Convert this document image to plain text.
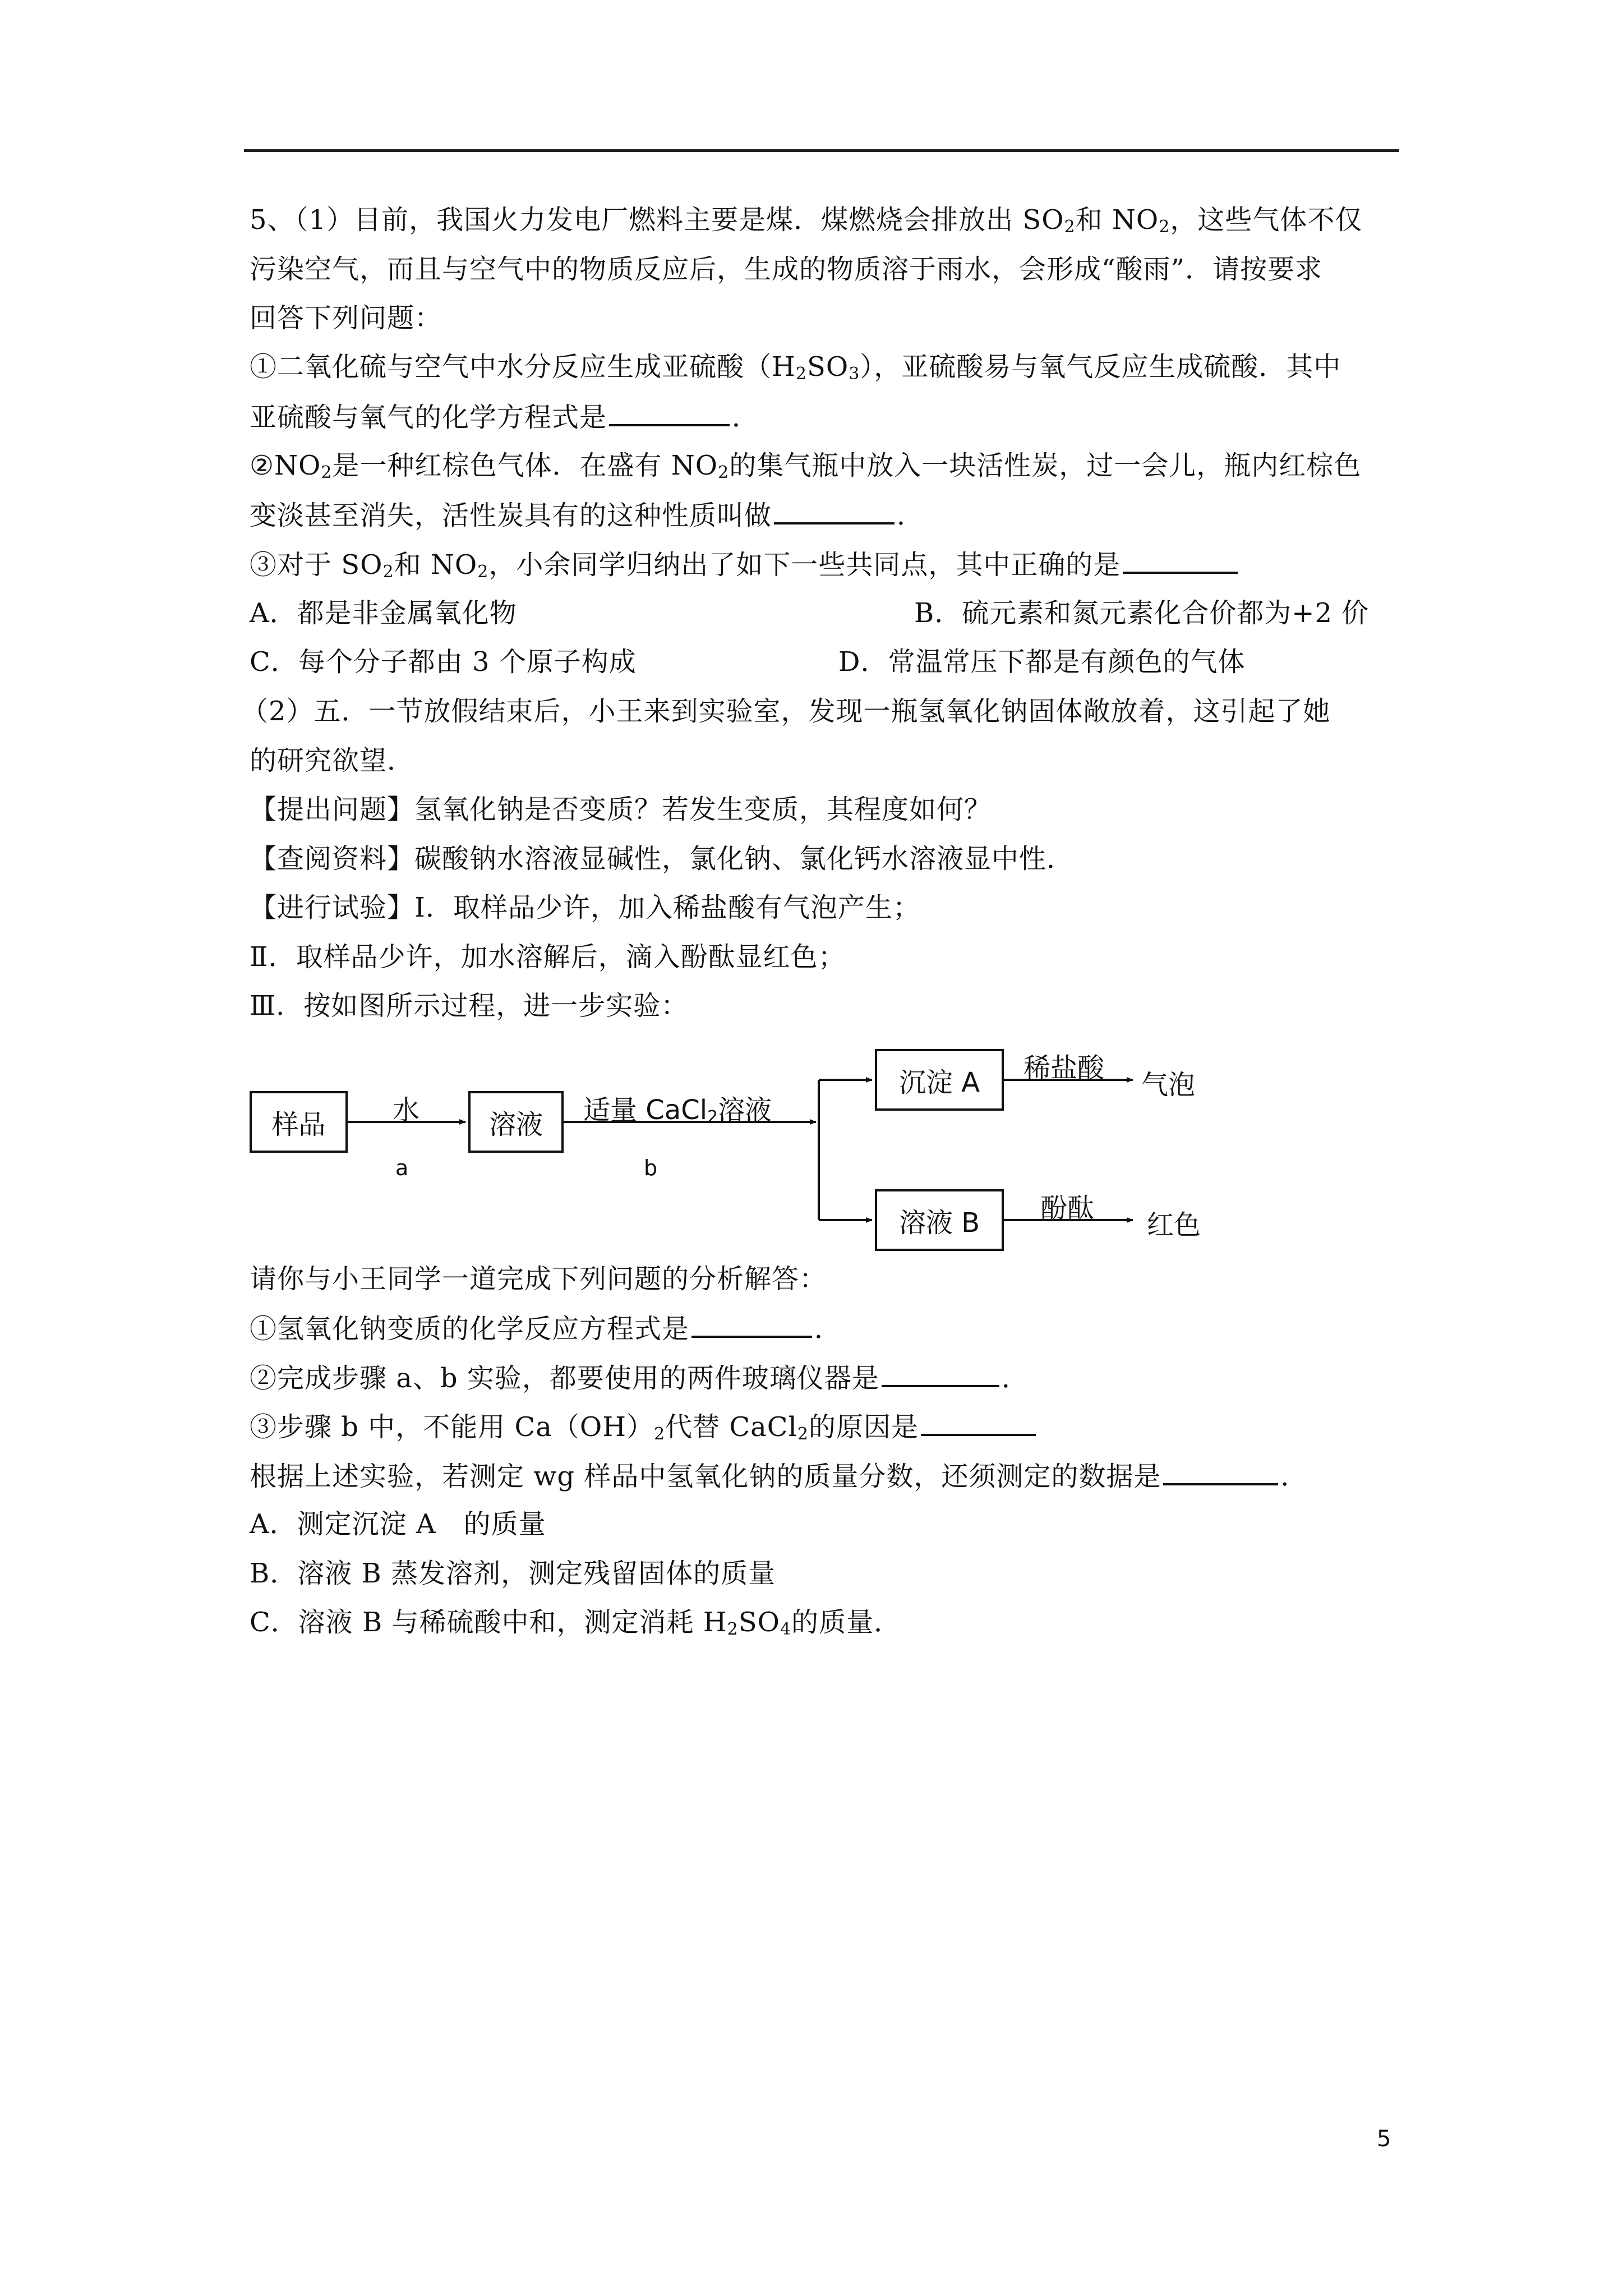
5、（1）目前，我国火力发电厂燃料主要是煤．煤燃烧会排放出 $SO_2$和 $NO_2$，这些气体不仅
污染空气，而且与空气中的物质反应后，生成的物质溶于雨水，会形成“酸雨”．请按要求
回答下列问题：
①二氧化硫与空气中水分反应生成亚硫酸$(H_2SO_3)$，亚硫酸易与氧气反应生成硫酸．其中
亚硫酸与氧气的化学方程式是	．
$②NO_2$是一种红棕色气体．在盛有 $NO_2$的集气瓶中放入一块活性炭，过一会儿，瓶内红棕色
变淡甚至消失，活性炭具有的这种性质叫做	．
③对于 $SO_2$和 $NO_2$，小余同学归纳出了如下一些共同点，其中正确的是
A．都是非金属氧化物	B．硫元素和氮元素化合价都为+2 价
C．每个分子都由 3 个原子构成	D．常温常压下都是有颜色的气体
（2）五．一节放假结束后，小王来到实验室，发现一瓶氢氧化钠固体敞放着，这引起了她
的研究欲望．
【提出问题】氢氧化钠是否变质？若发生变质，其程度如何？
【查阅资料】碳酸钠水溶液显碱性，氯化钠、氯化钙水溶液显中性．
【进行试验】Ⅰ．取样品少许，加入稀盐酸有气泡产生；
Ⅱ．取样品少许，加水溶解后，滴入酚酞显红色；
Ⅲ．按如图所示过程，进一步实验：
样品	水
a
溶液	适量 CaCl$_2$溶液
b
沉淀 A	稀盐酸
气泡
溶液 B	酚酞
红色
请你与小王同学一道完成下列问题的分析解答：
①氢氧化钠变质的化学反应方程式是	．
②完成步骤 a、b 实验，都要使用的两件玻璃仪器是	．
③步骤 b 中，不能用 $Ca(OH)_2$代替 CaCl$_2$的原因是
根据上述实验，若测定 wg 样品中氢氧化钠的质量分数，还须测定的数据是	．
A．测定沉淀 A　的质量
B．溶液 B 蒸发溶剂，测定残留固体的质量
C．溶液 B 与稀硫酸中和，测定消耗 $H_2SO_4$的质量．
5
